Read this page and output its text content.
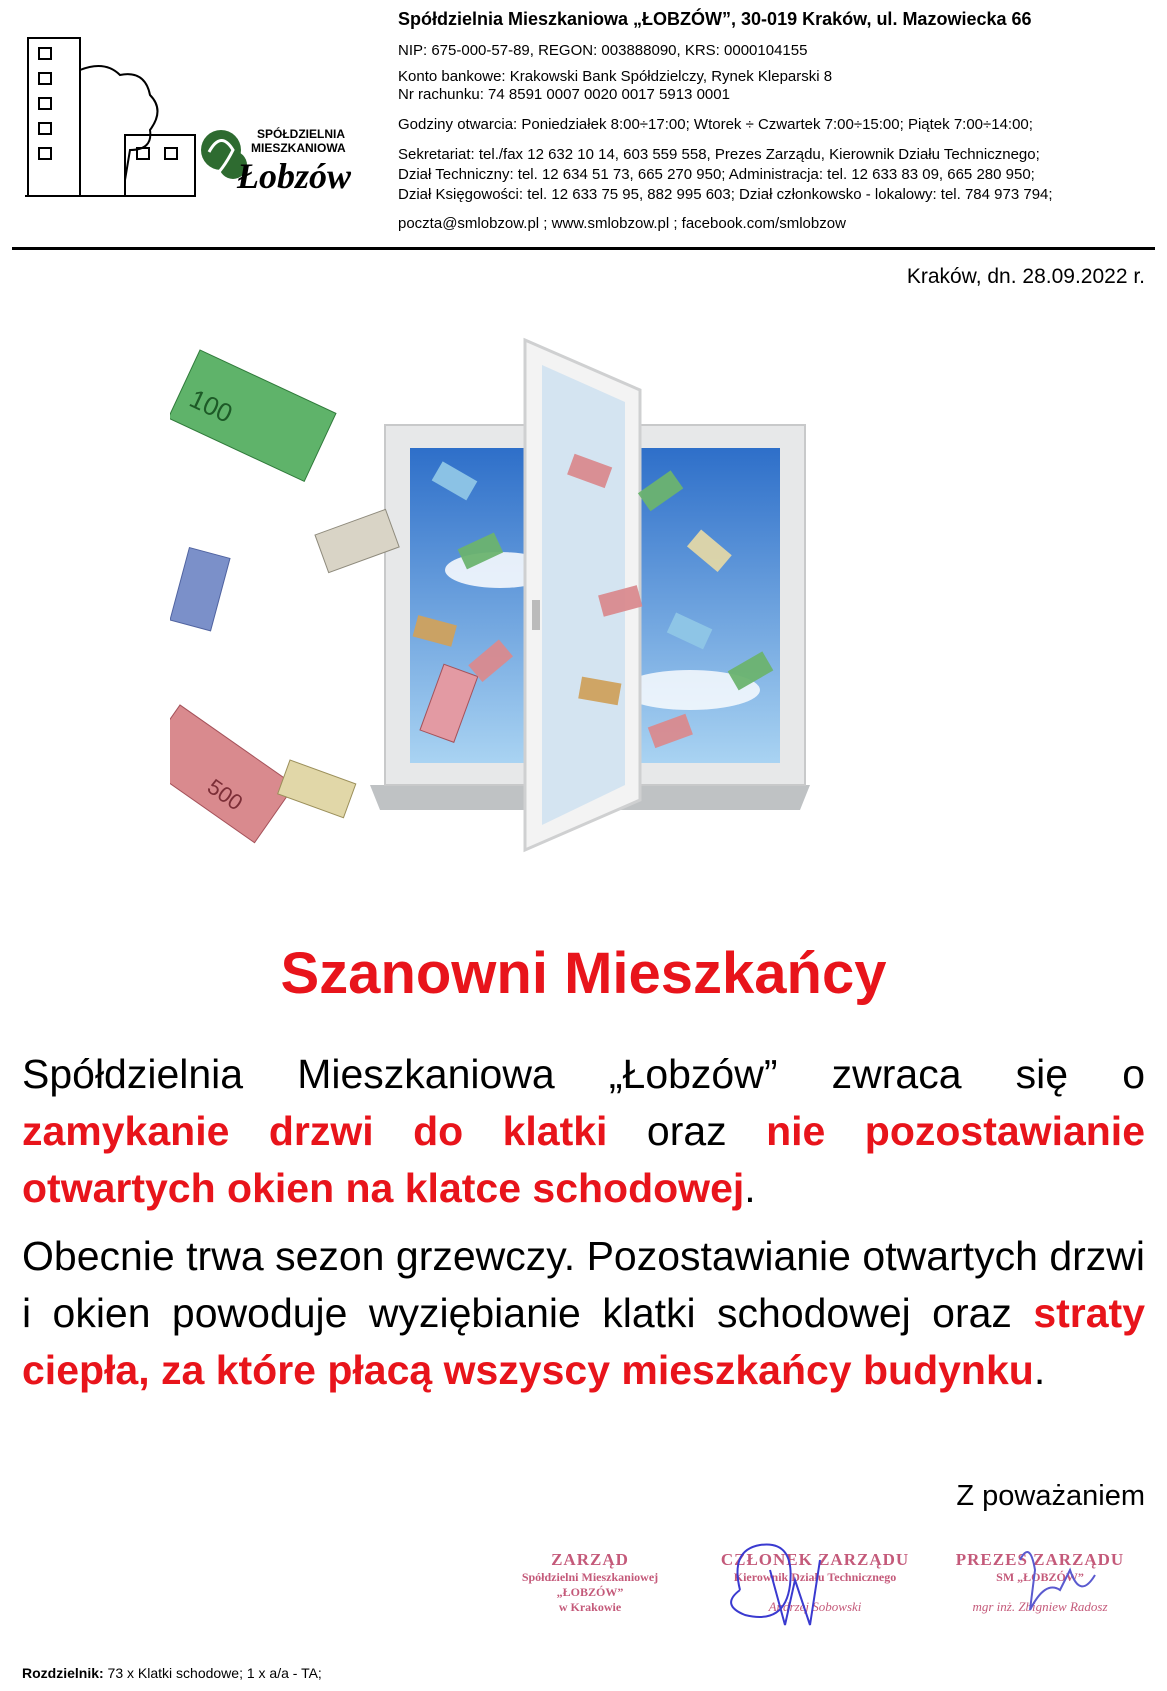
SPÓŁDZIELNIA
MIESZKANIOWA
Łobzów
Spółdzielnia Mieszkaniowa „ŁOBZÓW”, 30-019 Kraków, ul. Mazowiecka 66
NIP: 675-000-57-89, REGON: 003888090, KRS: 0000104155
Konto bankowe: Krakowski Bank Spółdzielczy, Rynek Kleparski 8
Nr rachunku: 74 8591 0007 0020 0017 5913 0001
Godziny otwarcia: Poniedziałek 8:00÷17:00; Wtorek ÷ Czwartek 7:00÷15:00; Piątek 7:00÷14:00;
Sekretariat: tel./fax 12 632 10 14, 603 559 558, Prezes Zarządu, Kierownik Działu Technicznego;
Dział Techniczny: tel. 12 634 51 73, 665 270 950; Administracja: tel. 12 633 83 09, 665 280 950;
Dział Księgowości: tel. 12 633 75 95, 882 995 603; Dział członkowsko - lokalowy: tel. 784 973 794;
poczta@smlobzow.pl ; www.smlobzow.pl ; facebook.com/smlobzow
Kraków, dn. 28.09.2022 r.
100
500
Szanowni Mieszkańcy
Spółdzielnia Mieszkaniowa „Łobzów” zwraca się o zamykanie drzwi do klatki oraz nie pozostawianie otwartych okien na klatce schodowej.
Obecnie trwa sezon grzewczy. Pozostawianie otwartych drzwi i okien powoduje wyziębianie klatki schodowej oraz straty ciepła, za które płacą wszyscy mieszkańcy budynku.
Z poważaniem
ZARZĄD
Spółdzielni Mieszkaniowej
„ŁOBZÓW”
w Krakowie
CZŁONEK ZARZĄDU
Kierownik Działu Technicznego
Andrzej Sobowski
PREZES ZARZĄDU
SM „ŁOBZÓW”
mgr inż. Zbigniew Radosz
Rozdzielnik: 73 x Klatki schodowe; 1 x a/a - TA;
